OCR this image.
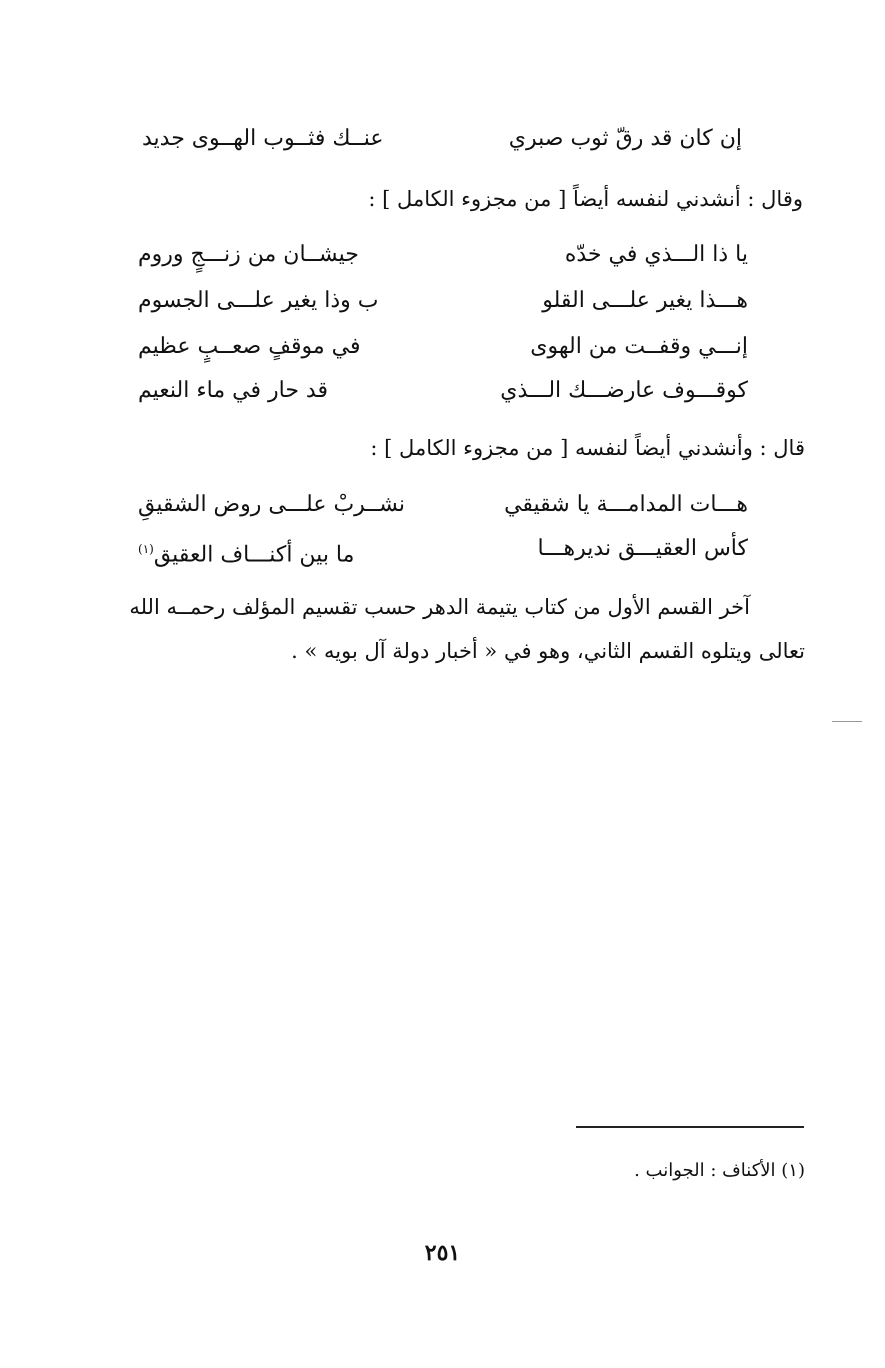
إن كان قد رقّ ثوب صبري
عنــك فثــوب الهــوى جديد
وقال : أنشدني لنفسه أيضاً [ من مجزوء الكامل ] :
يا ذا الـــذي في خدّه
جيشــان من زنـــجٍ وروم
هـــذا يغير علـــى القلو
ب وذا يغير علـــى الجسوم
إنـــي وقفــت من الهوى
في موقفٍ صعــبٍ عظيم
كوقـــوف عارضـــك الـــذي
قد حار في ماء النعيم
قال : وأنشدني أيضاً لنفسه [ من مجزوء الكامل ] :
هـــات المدامـــة يا شقيقي
نشــربْ علـــى روض الشقيقِ
كأس العقيـــق نديرهـــا
ما بين أكنـــاف العقيق$^{(١)}$
آخر القسم الأول من كتاب يتيمة الدهر حسب تقسيم المؤلف رحمــه الله
تعالى ويتلوه القسم الثاني، وهو في « أخبار دولة آل بويه » .
(١) الأكناف : الجوانب .
٢٥١
